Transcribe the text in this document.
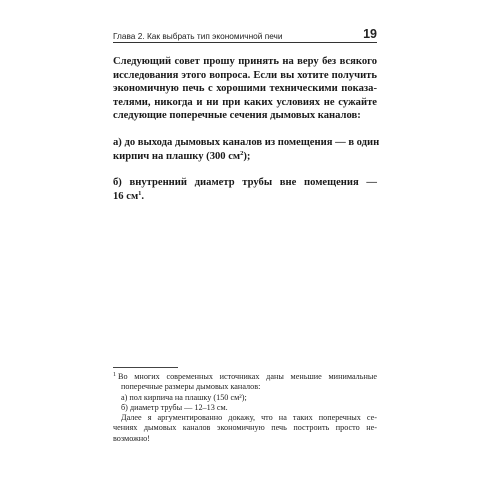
Глава 2. Как выбрать тип экономичной печи	19

Следующий совет прошу принять на веру без всякого
исследования этого вопроса. Если вы хотите получить
экономичную печь с хорошими техническими показа-
телями, никогда и ни при каких условиях не сужайте
следующие поперечные сечения дымовых каналов:

а) до выхода дымовых каналов из помещения — в один
кирпич на плашку (300 $см^2$);

б) внутренний диаметр трубы вне помещения —
16 $см^1$.

$^1$ Во многих современных источниках даны меньшие минимальные
поперечные размеры дымовых каналов:
а) пол кирпича на плашку (150 см²);
б) диаметр трубы — 12–13 см.
Далее я аргументированно докажу, что на таких поперечных се-
чениях дымовых каналов экономичную печь построить просто не-
возможно!
